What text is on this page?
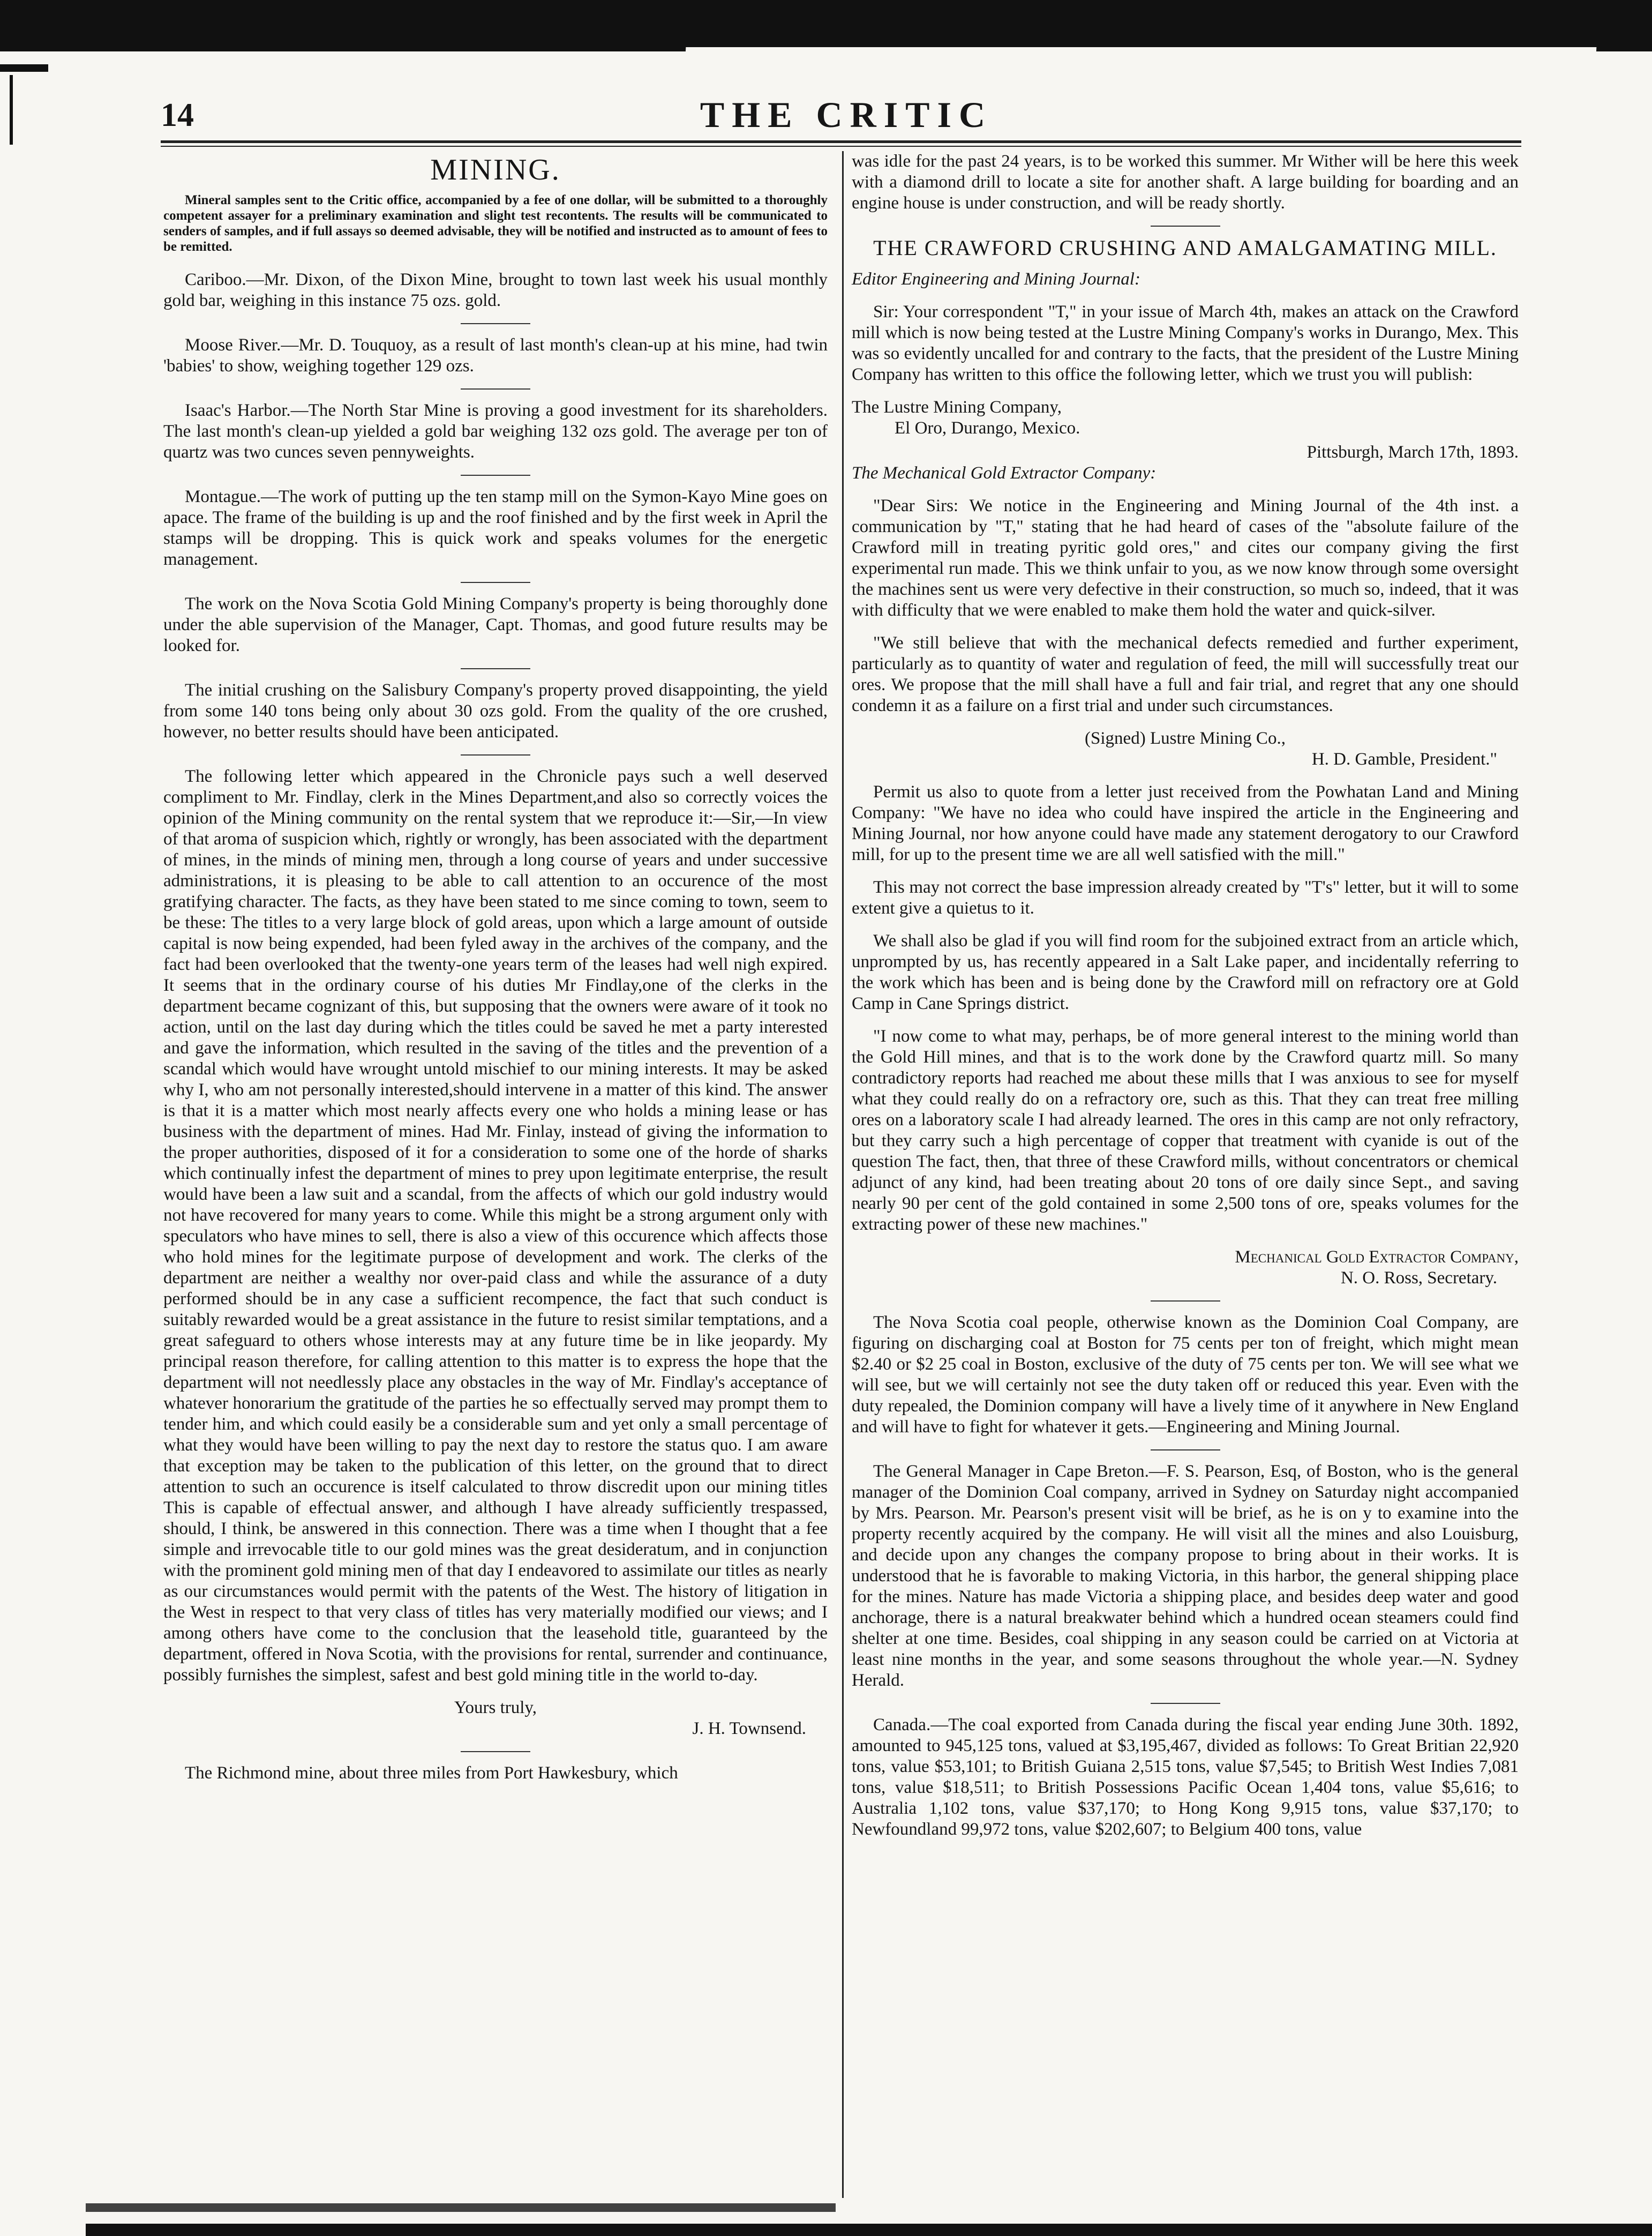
14	THE CRITIC
MINING.

Mineral samples sent to the Critic office, accompanied by a fee of one dollar, will be submitted to a thoroughly competent assayer for a preliminary examination and slight test recontents. The results will be communicated to senders of samples, and if full assays so deemed advisable, they will be notified and instructed as to amount of fees to be remitted.

Cariboo.—Mr. Dixon, of the Dixon Mine, brought to town last week his usual monthly gold bar, weighing in this instance 75 ozs. gold.

Moose River.—Mr. D. Touquoy, as a result of last month's clean-up at his mine, had twin 'babies' to show, weighing together 129 ozs.

Isaac's Harbor.—The North Star Mine is proving a good investment for its shareholders. The last month's clean-up yielded a gold bar weighing 132 ozs gold. The average per ton of quartz was two cunces seven pennyweights.

Montague.—The work of putting up the ten stamp mill on the Symon-Kayo Mine goes on apace. The frame of the building is up and the roof finished and by the first week in April the stamps will be dropping. This is quick work and speaks volumes for the energetic management.

The work on the Nova Scotia Gold Mining Company's property is being thoroughly done under the able supervision of the Manager, Capt. Thomas, and good future results may be looked for.

The initial crushing on the Salisbury Company's property proved disappointing, the yield from some 140 tons being only about 30 ozs gold. From the quality of the ore crushed, however, no better results should have been anticipated.

The following letter which appeared in the Chronicle pays such a well deserved compliment to Mr. Findlay, clerk in the Mines Department,and also so correctly voices the opinion of the Mining community on the rental system that we reproduce it:—Sir,—In view of that aroma of suspicion which, rightly or wrongly, has been associated with the department of mines, in the minds of mining men, through a long course of years and under successive administrations, it is pleasing to be able to call attention to an occurence of the most gratifying character. The facts, as they have been stated to me since coming to town, seem to be these: The titles to a very large block of gold areas, upon which a large amount of outside capital is now being expended, had been fyled away in the archives of the company, and the fact had been overlooked that the twenty-one years term of the leases had well nigh expired. It seems that in the ordinary course of his duties Mr Findlay,one of the clerks in the department became cognizant of this, but supposing that the owners were aware of it took no action, until on the last day during which the titles could be saved he met a party interested and gave the information, which resulted in the saving of the titles and the prevention of a scandal which would have wrought untold mischief to our mining interests. It may be asked why I, who am not personally interested,should intervene in a matter of this kind. The answer is that it is a matter which most nearly affects every one who holds a mining lease or has business with the department of mines. Had Mr. Finlay, instead of giving the information to the proper authorities, disposed of it for a consideration to some one of the horde of sharks which continually infest the department of mines to prey upon legitimate enterprise, the result would have been a law suit and a scandal, from the affects of which our gold industry would not have recovered for many years to come. While this might be a strong argument only with speculators who have mines to sell, there is also a view of this occurence which affects those who hold mines for the legitimate purpose of development and work. The clerks of the department are neither a wealthy nor over-paid class and while the assurance of a duty performed should be in any case a sufficient recompence, the fact that such conduct is suitably rewarded would be a great assistance in the future to resist similar temptations, and a great safeguard to others whose interests may at any future time be in like jeopardy. My principal reason therefore, for calling attention to this matter is to express the hope that the department will not needlessly place any obstacles in the way of Mr. Findlay's acceptance of whatever honorarium the gratitude of the parties he so effectually served may prompt them to tender him, and which could easily be a considerable sum and yet only a small percentage of what they would have been willing to pay the next day to restore the status quo. I am aware that exception may be taken to the publication of this letter, on the ground that to direct attention to such an occurence is itself calculated to throw discredit upon our mining titles This is capable of effectual answer, and although I have already sufficiently trespassed, should, I think, be answered in this connection. There was a time when I thought that a fee simple and irrevocable title to our gold mines was the great desideratum, and in conjunction with the prominent gold mining men of that day I endeavored to assimilate our titles as nearly as our circumstances would permit with the patents of the West. The history of litigation in the West in respect to that very class of titles has very materially modified our views; and I among others have come to the conclusion that the leasehold title, guaranteed by the department, offered in Nova Scotia, with the provisions for rental, surrender and continuance, possibly furnishes the simplest, safest and best gold mining title in the world to-day.

Yours truly,

J. H. Townsend.

The Richmond mine, about three miles from Port Hawkesbury, which

was idle for the past 24 years, is to be worked this summer. Mr Wither will be here this week with a diamond drill to locate a site for another shaft. A large building for boarding and an engine house is under construction, and will be ready shortly.

THE CRAWFORD CRUSHING AND AMALGAMATING MILL.

Editor Engineering and Mining Journal:

Sir: Your correspondent "T," in your issue of March 4th, makes an attack on the Crawford mill which is now being tested at the Lustre Mining Company's works in Durango, Mex. This was so evidently uncalled for and contrary to the facts, that the president of the Lustre Mining Company has written to this office the following letter, which we trust you will publish:

The Lustre Mining Company,

El Oro, Durango, Mexico.

Pittsburgh, March 17th, 1893.

The Mechanical Gold Extractor Company:

"Dear Sirs: We notice in the Engineering and Mining Journal of the 4th inst. a communication by "T," stating that he had heard of cases of the "absolute failure of the Crawford mill in treating pyritic gold ores," and cites our company giving the first experimental run made. This we think unfair to you, as we now know through some oversight the machines sent us were very defective in their construction, so much so, indeed, that it was with difficulty that we were enabled to make them hold the water and quick-silver.

"We still believe that with the mechanical defects remedied and further experiment, particularly as to quantity of water and regulation of feed, the mill will successfully treat our ores. We propose that the mill shall have a full and fair trial, and regret that any one should condemn it as a failure on a first trial and under such circumstances.

(Signed) Lustre Mining Co.,

H. D. Gamble, President."

Permit us also to quote from a letter just received from the Powhatan Land and Mining Company: "We have no idea who could have inspired the article in the Engineering and Mining Journal, nor how anyone could have made any statement derogatory to our Crawford mill, for up to the present time we are all well satisfied with the mill."

This may not correct the base impression already created by "T's" letter, but it will to some extent give a quietus to it.

We shall also be glad if you will find room for the subjoined extract from an article which, unprompted by us, has recently appeared in a Salt Lake paper, and incidentally referring to the work which has been and is being done by the Crawford mill on refractory ore at Gold Camp in Cane Springs district.

"I now come to what may, perhaps, be of more general interest to the mining world than the Gold Hill mines, and that is to the work done by the Crawford quartz mill. So many contradictory reports had reached me about these mills that I was anxious to see for myself what they could really do on a refractory ore, such as this. That they can treat free milling ores on a laboratory scale I had already learned. The ores in this camp are not only refractory, but they carry such a high percentage of copper that treatment with cyanide is out of the question The fact, then, that three of these Crawford mills, without concentrators or chemical adjunct of any kind, had been treating about 20 tons of ore daily since Sept., and saving nearly 90 per cent of the gold contained in some 2,500 tons of ore, speaks volumes for the extracting power of these new machines."

Mechanical Gold Extractor Company,

N. O. Ross, Secretary.

The Nova Scotia coal people, otherwise known as the Dominion Coal Company, are figuring on discharging coal at Boston for 75 cents per ton of freight, which might mean $2.40 or $2 25 coal in Boston, exclusive of the duty of 75 cents per ton. We will see what we will see, but we will certainly not see the duty taken off or reduced this year. Even with the duty repealed, the Dominion company will have a lively time of it anywhere in New England and will have to fight for whatever it gets.—Engineering and Mining Journal.

The General Manager in Cape Breton.—F. S. Pearson, Esq, of Boston, who is the general manager of the Dominion Coal company, arrived in Sydney on Saturday night accompanied by Mrs. Pearson. Mr. Pearson's present visit will be brief, as he is on y to examine into the property recently acquired by the company. He will visit all the mines and also Louisburg, and decide upon any changes the company propose to bring about in their works. It is understood that he is favorable to making Victoria, in this harbor, the general shipping place for the mines. Nature has made Victoria a shipping place, and besides deep water and good anchorage, there is a natural breakwater behind which a hundred ocean steamers could find shelter at one time. Besides, coal shipping in any season could be carried on at Victoria at least nine months in the year, and some seasons throughout the whole year.—N. Sydney Herald.

Canada.—The coal exported from Canada during the fiscal year ending June 30th. 1892, amounted to 945,125 tons, valued at $3,195,467, divided as follows: To Great Britian 22,920 tons, value $53,101; to British Guiana 2,515 tons, value $7,545; to British West Indies 7,081 tons, value $18,511; to British Possessions Pacific Ocean 1,404 tons, value $5,616; to Australia 1,102 tons, value $37,170; to Hong Kong 9,915 tons, value $37,170; to Newfoundland 99,972 tons, value $202,607; to Belgium 400 tons, value
